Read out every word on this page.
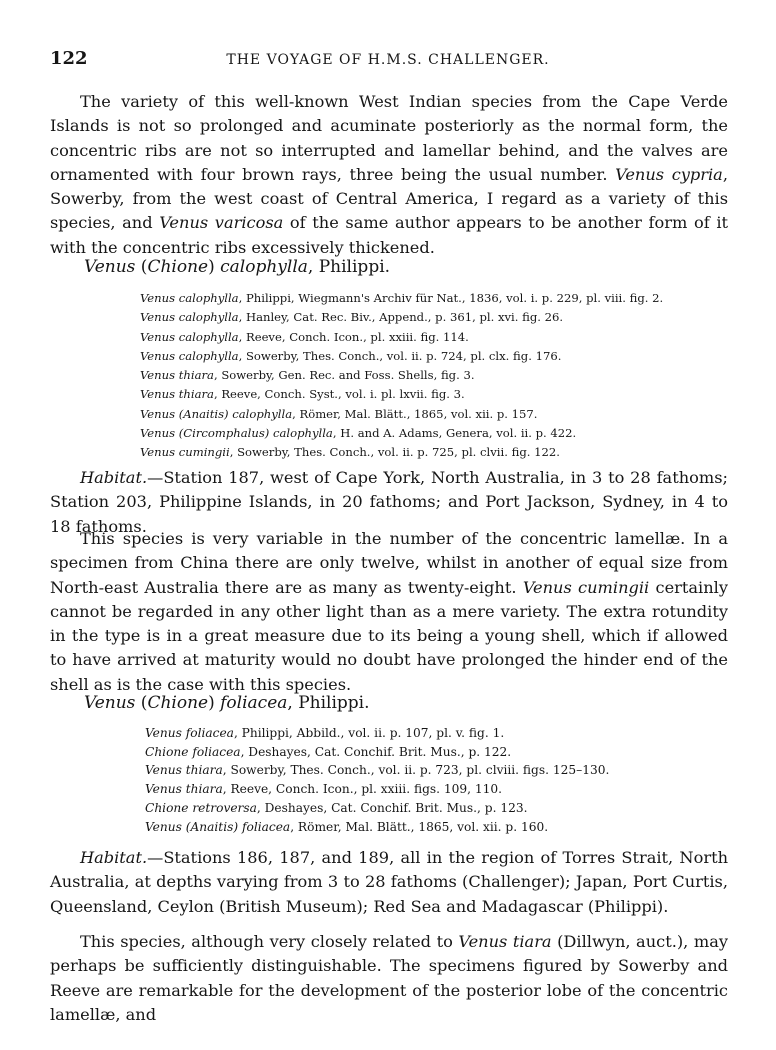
122	THE VOYAGE OF H.M.S. CHALLENGER.

The variety of this well-known West Indian species from the Cape Verde Islands is not so prolonged and acuminate posteriorly as the normal form, the concentric ribs are not so interrupted and lamellar behind, and the valves are ornamented with four brown rays, three being the usual number. Venus cypria, Sowerby, from the west coast of Central America, I regard as a variety of this species, and Venus varicosa of the same author appears to be another form of it with the concentric ribs excessively thickened.

Venus (Chione) calophylla, Philippi.
Venus calophylla, Philippi, Wiegmann's Archiv für Nat., 1836, vol. i. p. 229, pl. viii. fig. 2.
Venus calophylla, Hanley, Cat. Rec. Biv., Append., p. 361, pl. xvi. fig. 26.
Venus calophylla, Reeve, Conch. Icon., pl. xxiii. fig. 114.
Venus calophylla, Sowerby, Thes. Conch., vol. ii. p. 724, pl. clx. fig. 176.
Venus thiara, Sowerby, Gen. Rec. and Foss. Shells, fig. 3.
Venus thiara, Reeve, Conch. Syst., vol. i. pl. lxvii. fig. 3.
Venus (Anaitis) calophylla, Römer, Mal. Blätt., 1865, vol. xii. p. 157.
Venus (Circomphalus) calophylla, H. and A. Adams, Genera, vol. ii. p. 422.
Venus cumingii, Sowerby, Thes. Conch., vol. ii. p. 725, pl. clvii. fig. 122.

Habitat.—Station 187, west of Cape York, North Australia, in 3 to 28 fathoms; Station 203, Philippine Islands, in 20 fathoms; and Port Jackson, Sydney, in 4 to 18 fathoms.

This species is very variable in the number of the concentric lamellæ. In a specimen from China there are only twelve, whilst in another of equal size from North-east Australia there are as many as twenty-eight. Venus cumingii certainly cannot be regarded in any other light than as a mere variety. The extra rotundity in the type is in a great measure due to its being a young shell, which if allowed to have arrived at maturity would no doubt have prolonged the hinder end of the shell as is the case with this species.

Venus (Chione) foliacea, Philippi.
Venus foliacea, Philippi, Abbild., vol. ii. p. 107, pl. v. fig. 1.
Chione foliacea, Deshayes, Cat. Conchif. Brit. Mus., p. 122.
Venus thiara, Sowerby, Thes. Conch., vol. ii. p. 723, pl. clviii. figs. 125–130.
Venus thiara, Reeve, Conch. Icon., pl. xxiii. figs. 109, 110.
Chione retroversa, Deshayes, Cat. Conchif. Brit. Mus., p. 123.
Venus (Anaitis) foliacea, Römer, Mal. Blätt., 1865, vol. xii. p. 160.

Habitat.—Stations 186, 187, and 189, all in the region of Torres Strait, North Australia, at depths varying from 3 to 28 fathoms (Challenger); Japan, Port Curtis, Queensland, Ceylon (British Museum); Red Sea and Madagascar (Philippi).

This species, although very closely related to Venus tiara (Dillwyn, auct.), may perhaps be sufficiently distinguishable. The specimens figured by Sowerby and Reeve are remarkable for the development of the posterior lobe of the concentric lamellæ, and
